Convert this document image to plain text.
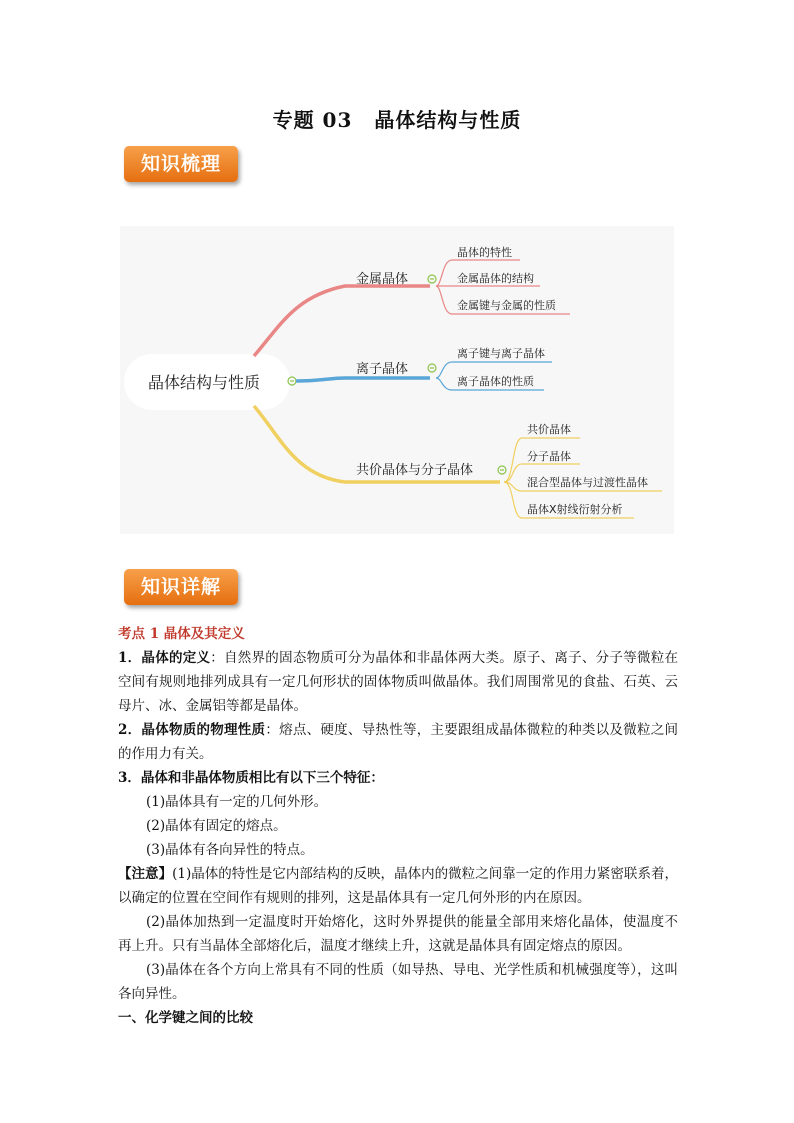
专题 03 晶体结构与性质
知识梳理
晶体结构与性质
金属晶体
晶体的特性
金属晶体的结构
金属键与金属的性质
离子晶体
离子键与离子晶体
离子晶体的性质
共价晶体与分子晶体
共价晶体
分子晶体
混合型晶体与过渡性晶体
晶体X射线衍射分析
知识详解

考点 1 晶体及其定义

1．晶体的定义：自然界的固态物质可分为晶体和非晶体两大类。原子、离子、分子等微粒在空间有规则地排列成具有一定几何形状的固体物质叫做晶体。我们周围常见的食盐、石英、云母片、冰、金属铝等都是晶体。

2．晶体物质的物理性质：熔点、硬度、导热性等，主要跟组成晶体微粒的种类以及微粒之间的作用力有关。

3．晶体和非晶体物质相比有以下三个特征：

(1)晶体具有一定的几何外形。

(2)晶体有固定的熔点。

(3)晶体有各向异性的特点。

【注意】(1)晶体的特性是它内部结构的反映，晶体内的微粒之间靠一定的作用力紧密联系着，以确定的位置在空间作有规则的排列，这是晶体具有一定几何外形的内在原因。

(2)晶体加热到一定温度时开始熔化，这时外界提供的能量全部用来熔化晶体，使温度不再上升。只有当晶体全部熔化后，温度才继续上升，这就是晶体具有固定熔点的原因。

(3)晶体在各个方向上常具有不同的性质（如导热、导电、光学性质和机械强度等），这叫各向异性。

一、化学键之间的比较
